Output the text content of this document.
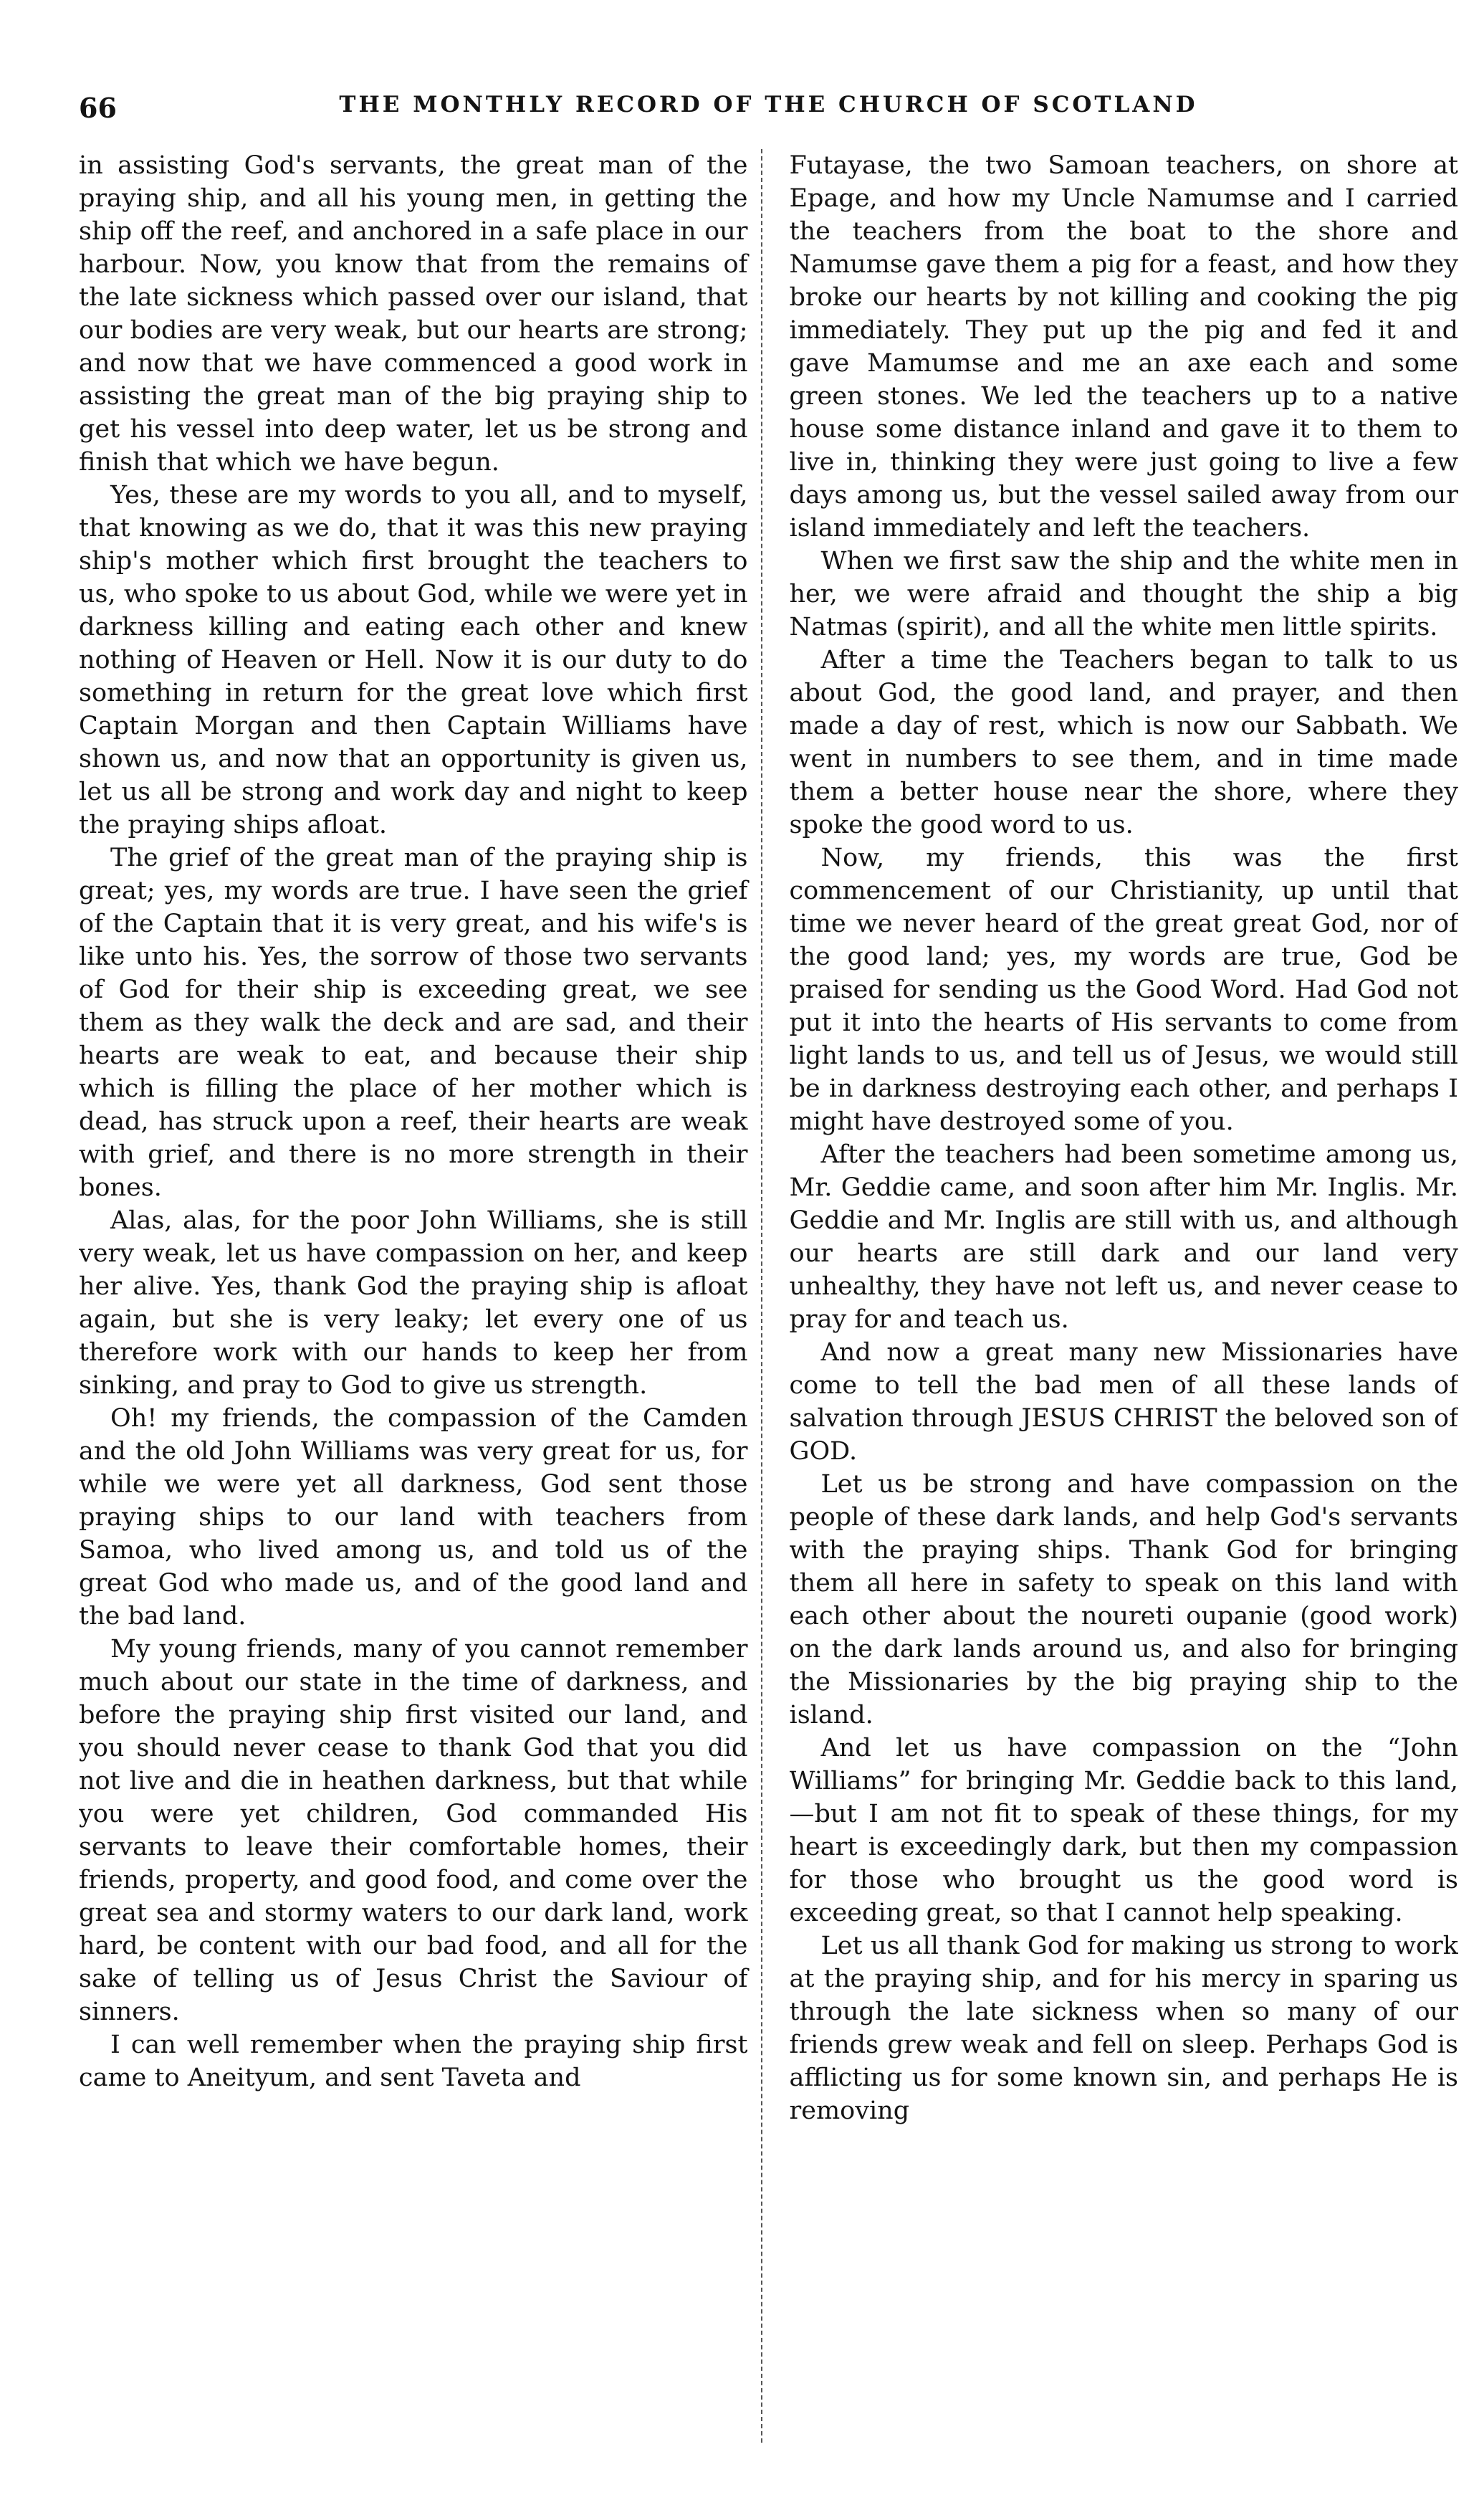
66	THE MONTHLY RECORD OF THE CHURCH OF SCOTLAND

in assisting God's servants, the great man of the praying ship, and all his young men, in getting the ship off the reef, and anchored in a safe place in our harbour. Now, you know that from the remains of the late sickness which passed over our island, that our bodies are very weak, but our hearts are strong; and now that we have commenced a good work in assisting the great man of the big praying ship to get his vessel into deep water, let us be strong and finish that which we have begun.

Yes, these are my words to you all, and to myself, that knowing as we do, that it was this new praying ship's mother which first brought the teachers to us, who spoke to us about God, while we were yet in darkness killing and eating each other and knew nothing of Heaven or Hell. Now it is our duty to do something in return for the great love which first Captain Morgan and then Captain Williams have shown us, and now that an opportunity is given us, let us all be strong and work day and night to keep the praying ships afloat.

The grief of the great man of the praying ship is great; yes, my words are true. I have seen the grief of the Captain that it is very great, and his wife's is like unto his. Yes, the sorrow of those two servants of God for their ship is exceeding great, we see them as they walk the deck and are sad, and their hearts are weak to eat, and because their ship which is filling the place of her mother which is dead, has struck upon a reef, their hearts are weak with grief, and there is no more strength in their bones.

Alas, alas, for the poor John Williams, she is still very weak, let us have compassion on her, and keep her alive. Yes, thank God the praying ship is afloat again, but she is very leaky; let every one of us therefore work with our hands to keep her from sinking, and pray to God to give us strength.

Oh! my friends, the compassion of the Camden and the old John Williams was very great for us, for while we were yet all darkness, God sent those praying ships to our land with teachers from Samoa, who lived among us, and told us of the great God who made us, and of the good land and the bad land.

My young friends, many of you cannot remember much about our state in the time of darkness, and before the praying ship first visited our land, and you should never cease to thank God that you did not live and die in heathen darkness, but that while you were yet children, God commanded His servants to leave their comfortable homes, their friends, property, and good food, and come over the great sea and stormy waters to our dark land, work hard, be content with our bad food, and all for the sake of telling us of Jesus Christ the Saviour of sinners.

I can well remember when the praying ship first came to Aneityum, and sent Taveta and

Futayase, the two Samoan teachers, on shore at Epage, and how my Uncle Namumse and I carried the teachers from the boat to the shore and Namumse gave them a pig for a feast, and how they broke our hearts by not killing and cooking the pig immediately. They put up the pig and fed it and gave Mamumse and me an axe each and some green stones. We led the teachers up to a native house some distance inland and gave it to them to live in, thinking they were just going to live a few days among us, but the vessel sailed away from our island immediately and left the teachers.

When we first saw the ship and the white men in her, we were afraid and thought the ship a big Natmas (spirit), and all the white men little spirits.

After a time the Teachers began to talk to us about God, the good land, and prayer, and then made a day of rest, which is now our Sabbath. We went in numbers to see them, and in time made them a better house near the shore, where they spoke the good word to us.

Now, my friends, this was the first commencement of our Christianity, up until that time we never heard of the great great God, nor of the good land; yes, my words are true, God be praised for sending us the Good Word. Had God not put it into the hearts of His servants to come from light lands to us, and tell us of Jesus, we would still be in darkness destroying each other, and perhaps I might have destroyed some of you.

After the teachers had been sometime among us, Mr. Geddie came, and soon after him Mr. Inglis. Mr. Geddie and Mr. Inglis are still with us, and although our hearts are still dark and our land very unhealthy, they have not left us, and never cease to pray for and teach us.

And now a great many new Missionaries have come to tell the bad men of all these lands of salvation through JESUS CHRIST the beloved son of GOD.

Let us be strong and have compassion on the people of these dark lands, and help God's servants with the praying ships. Thank God for bringing them all here in safety to speak on this land with each other about the noureti oupanie (good work) on the dark lands around us, and also for bringing the Missionaries by the big praying ship to the island.

And let us have compassion on the “John Williams” for bringing Mr. Geddie back to this land,—but I am not fit to speak of these things, for my heart is exceedingly dark, but then my compassion for those who brought us the good word is exceeding great, so that I cannot help speaking.

Let us all thank God for making us strong to work at the praying ship, and for his mercy in sparing us through the late sickness when so many of our friends grew weak and fell on sleep. Perhaps God is afflicting us for some known sin, and perhaps He is removing
